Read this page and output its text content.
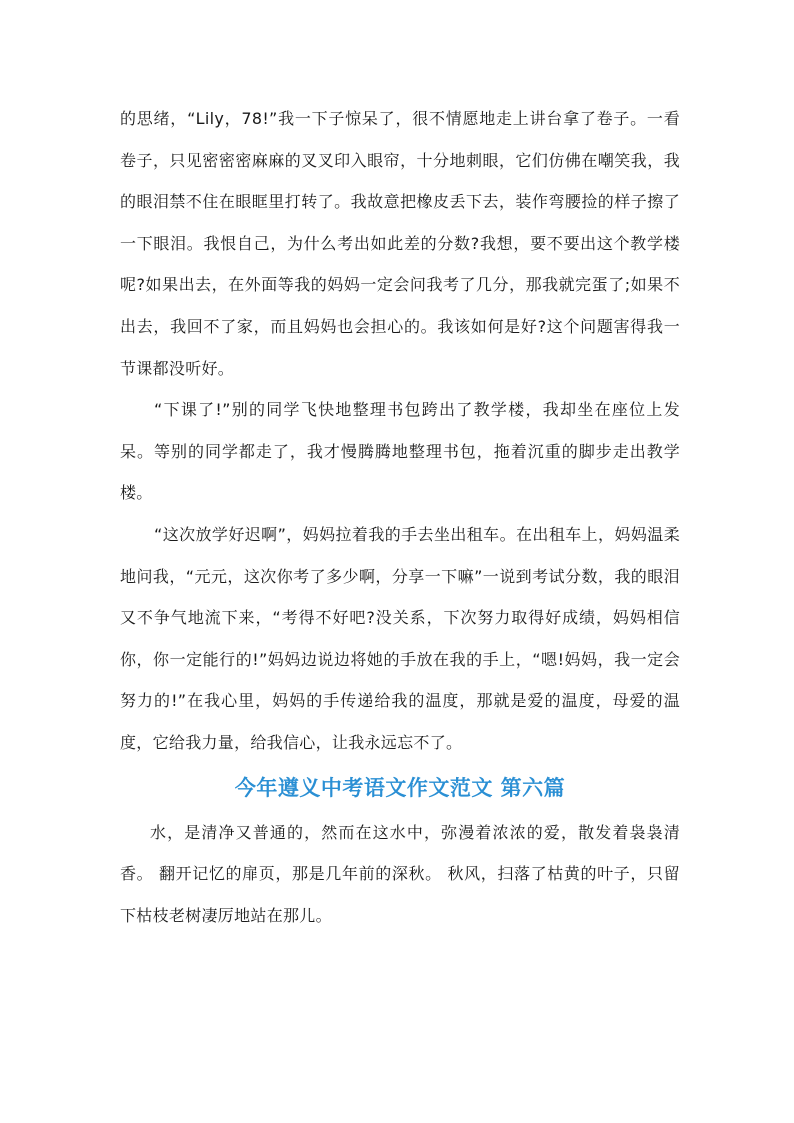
的思绪，“Lily，78!”我一下子惊呆了，很不情愿地走上讲台拿了卷子。一看卷子，只见密密密麻麻的叉叉印入眼帘，十分地刺眼，它们仿佛在嘲笑我，我的眼泪禁不住在眼眶里打转了。我故意把橡皮丢下去，装作弯腰捡的样子擦了一下眼泪。我恨自己，为什么考出如此差的分数?我想，要不要出这个教学楼呢?如果出去，在外面等我的妈妈一定会问我考了几分，那我就完蛋了;如果不出去，我回不了家，而且妈妈也会担心的。我该如何是好?这个问题害得我一节课都没听好。

“下课了!”别的同学飞快地整理书包跨出了教学楼，我却坐在座位上发呆。等别的同学都走了，我才慢腾腾地整理书包，拖着沉重的脚步走出教学楼。

“这次放学好迟啊”，妈妈拉着我的手去坐出租车。在出租车上，妈妈温柔地问我，“元元，这次你考了多少啊，分享一下嘛”一说到考试分数，我的眼泪又不争气地流下来，“考得不好吧?没关系，下次努力取得好成绩，妈妈相信你，你一定能行的!”妈妈边说边将她的手放在我的手上，“嗯!妈妈，我一定会努力的!”在我心里，妈妈的手传递给我的温度，那就是爱的温度，母爱的温度，它给我力量，给我信心，让我永远忘不了。

今年遵义中考语文作文范文 第六篇

水，是清净又普通的，然而在这水中，弥漫着浓浓的爱，散发着袅袅清香。 翻开记忆的扉页，那是几年前的深秋。 秋风，扫落了枯黄的叶子，只留下枯枝老树凄厉地站在那儿。
